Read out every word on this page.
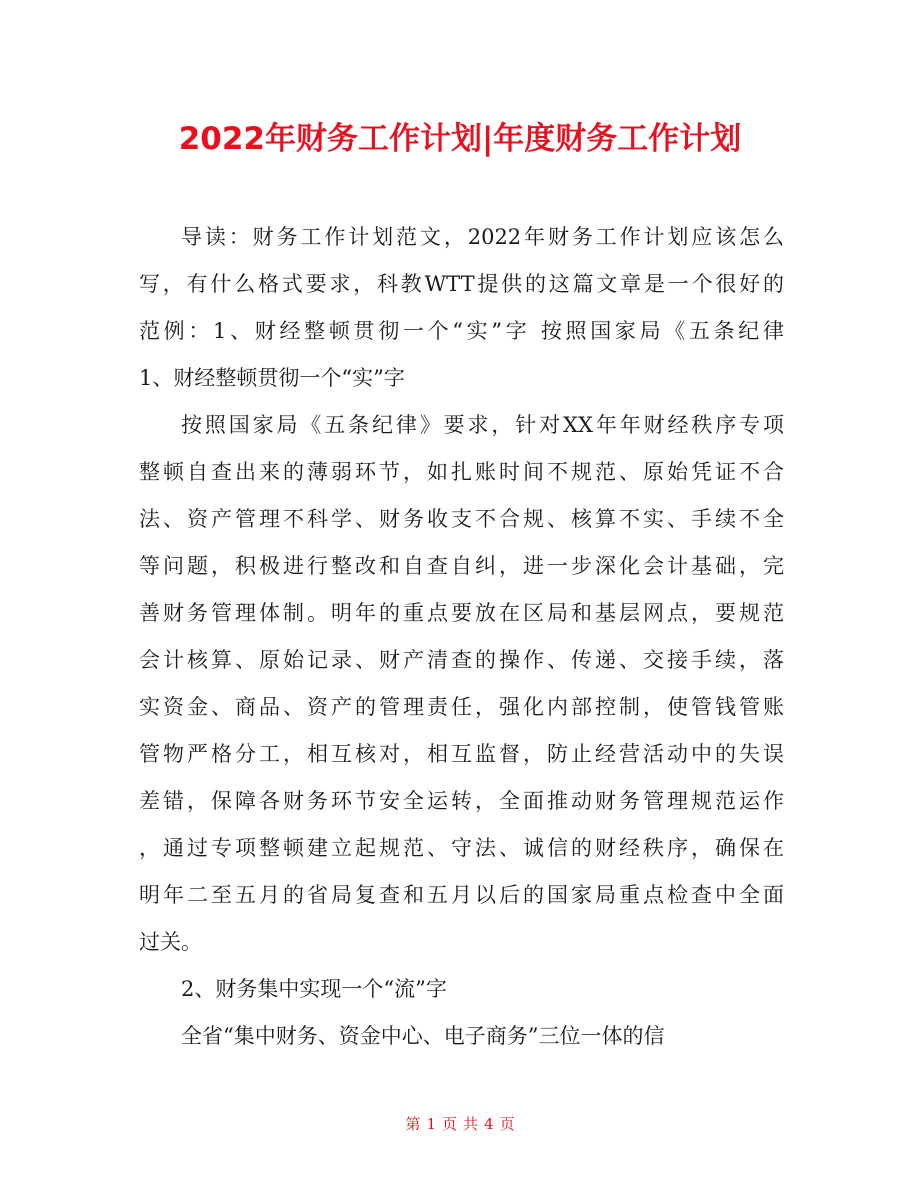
2022年财务工作计划|年度财务工作计划
导读：财务工作计划范文，2022年财务工作计划应该怎么
写，有什么格式要求，科教WTT提供的这篇文章是一个很好的
范例：1、财经整顿贯彻一个“实”字 按照国家局《五条纪律
1、财经整顿贯彻一个“实”字
按照国家局《五条纪律》要求，针对XX年年财经秩序专项
整顿自查出来的薄弱环节，如扎账时间不规范、原始凭证不合
法、资产管理不科学、财务收支不合规、核算不实、手续不全
等问题，积极进行整改和自查自纠，进一步深化会计基础，完
善财务管理体制。明年的重点要放在区局和基层网点，要规范
会计核算、原始记录、财产清查的操作、传递、交接手续，落
实资金、商品、资产的管理责任，强化内部控制，使管钱管账
管物严格分工，相互核对，相互监督，防止经营活动中的失误
差错，保障各财务环节安全运转，全面推动财务管理规范运作
，通过专项整顿建立起规范、守法、诚信的财经秩序，确保在
明年二至五月的省局复查和五月以后的国家局重点检查中全面
过关。
2、财务集中实现一个“流”字
全省“集中财务、资金中心、电子商务”三位一体的信
第 1 页 共 4 页
